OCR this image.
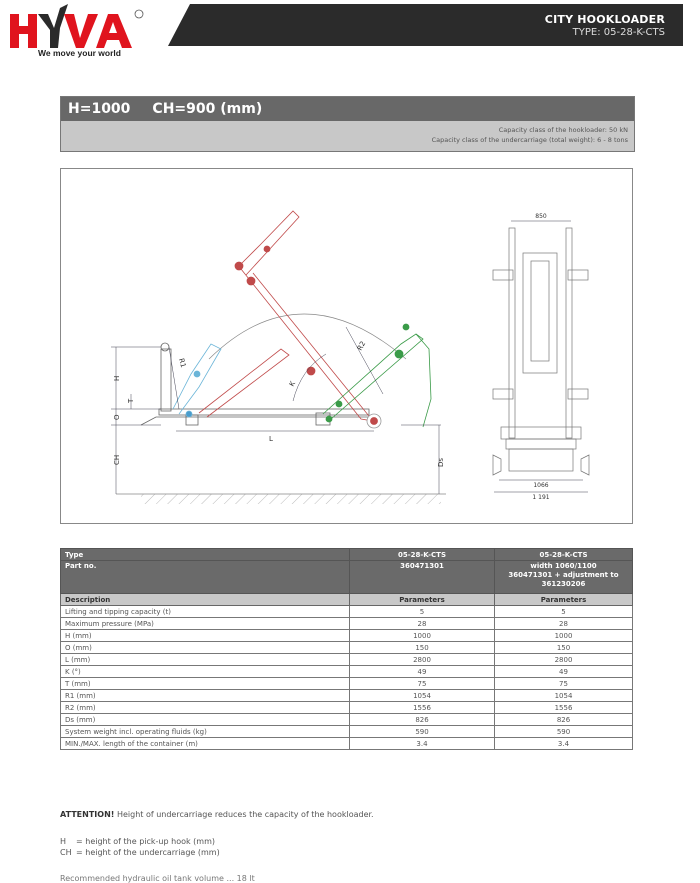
We move your world
CITY HOOKLOADER
TYPE: 05-28-K-CTS
H=1000 CH=900 (mm)
Capacity class of the hookloader: 50 kN
Capacity class of the undercarriage (total weight): 6 - 8 tons
H
T
O
CH
L
K
R1
R2
Ds
850
1066
1 191
Type	05-28-K-CTS	05-28-K-CTS
Part no.	360471301	width 1060/1100
360471301 + adjustment to
361230206

Description	Parameters	Parameters
Lifting and tipping capacity (t)	5	5
Maximum pressure (MPa)	28	28
H (mm)	1000	1000
O (mm)	150	150
L (mm)	2800	2800
K (°)	49	49
T (mm)	75	75
R1 (mm)	1054	1054
R2 (mm)	1556	1556
Ds (mm)	826	826
System weight incl. operating fluids (kg)	590	590
MIN./MAX. length of the container (m)	3.4	3.4
ATTENTION! Height of undercarriage reduces the capacity of the hookloader.
H = height of the pick-up hook (mm)
CH = height of the undercarriage (mm)
Recommended hydraulic oil tank volume ... 18 lt
